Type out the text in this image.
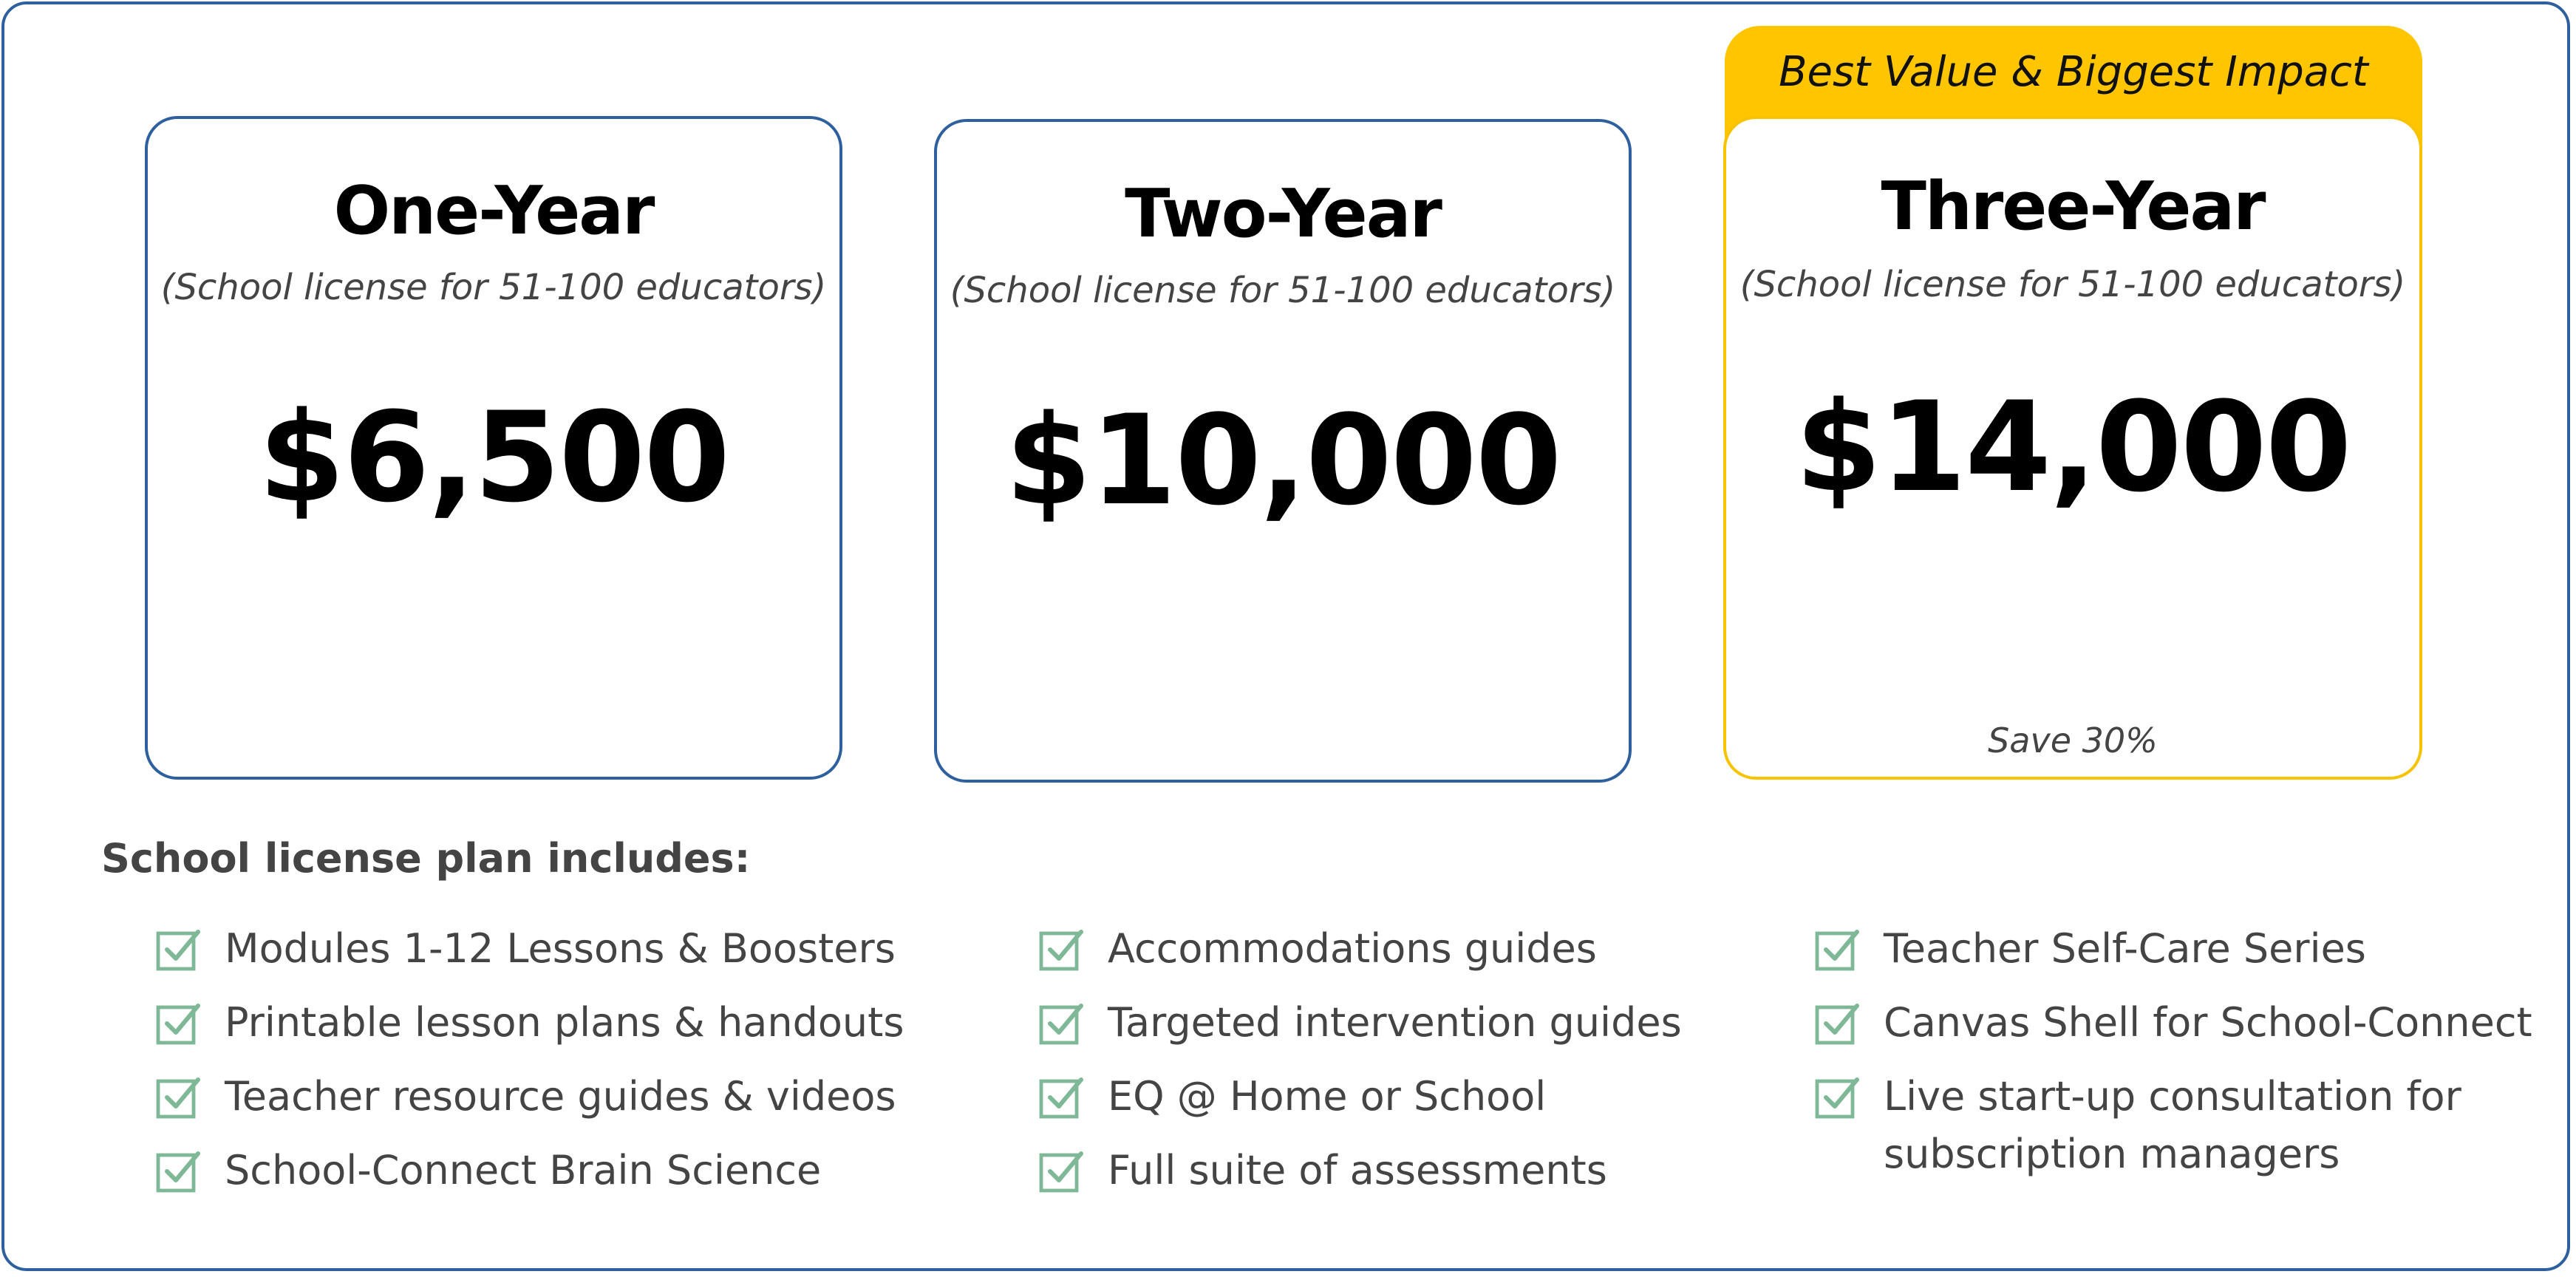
One-Year
(School license for 51-100 educators)
$6,500
Two-Year
(School license for 51-100 educators)
$10,000
Best Value & Biggest Impact
Three-Year
(School license for 51-100 educators)
$14,000
Save 30%
School license plan includes:
Modules 1-12 Lessons & Boosters
Printable lesson plans & handouts
Teacher resource guides & videos
School-Connect Brain Science
Accommodations guides
Targeted intervention guides
EQ @ Home or School
Full suite of assessments
Teacher Self-Care Series
Canvas Shell for School-Connect
Live start-up consultation for subscription managers
